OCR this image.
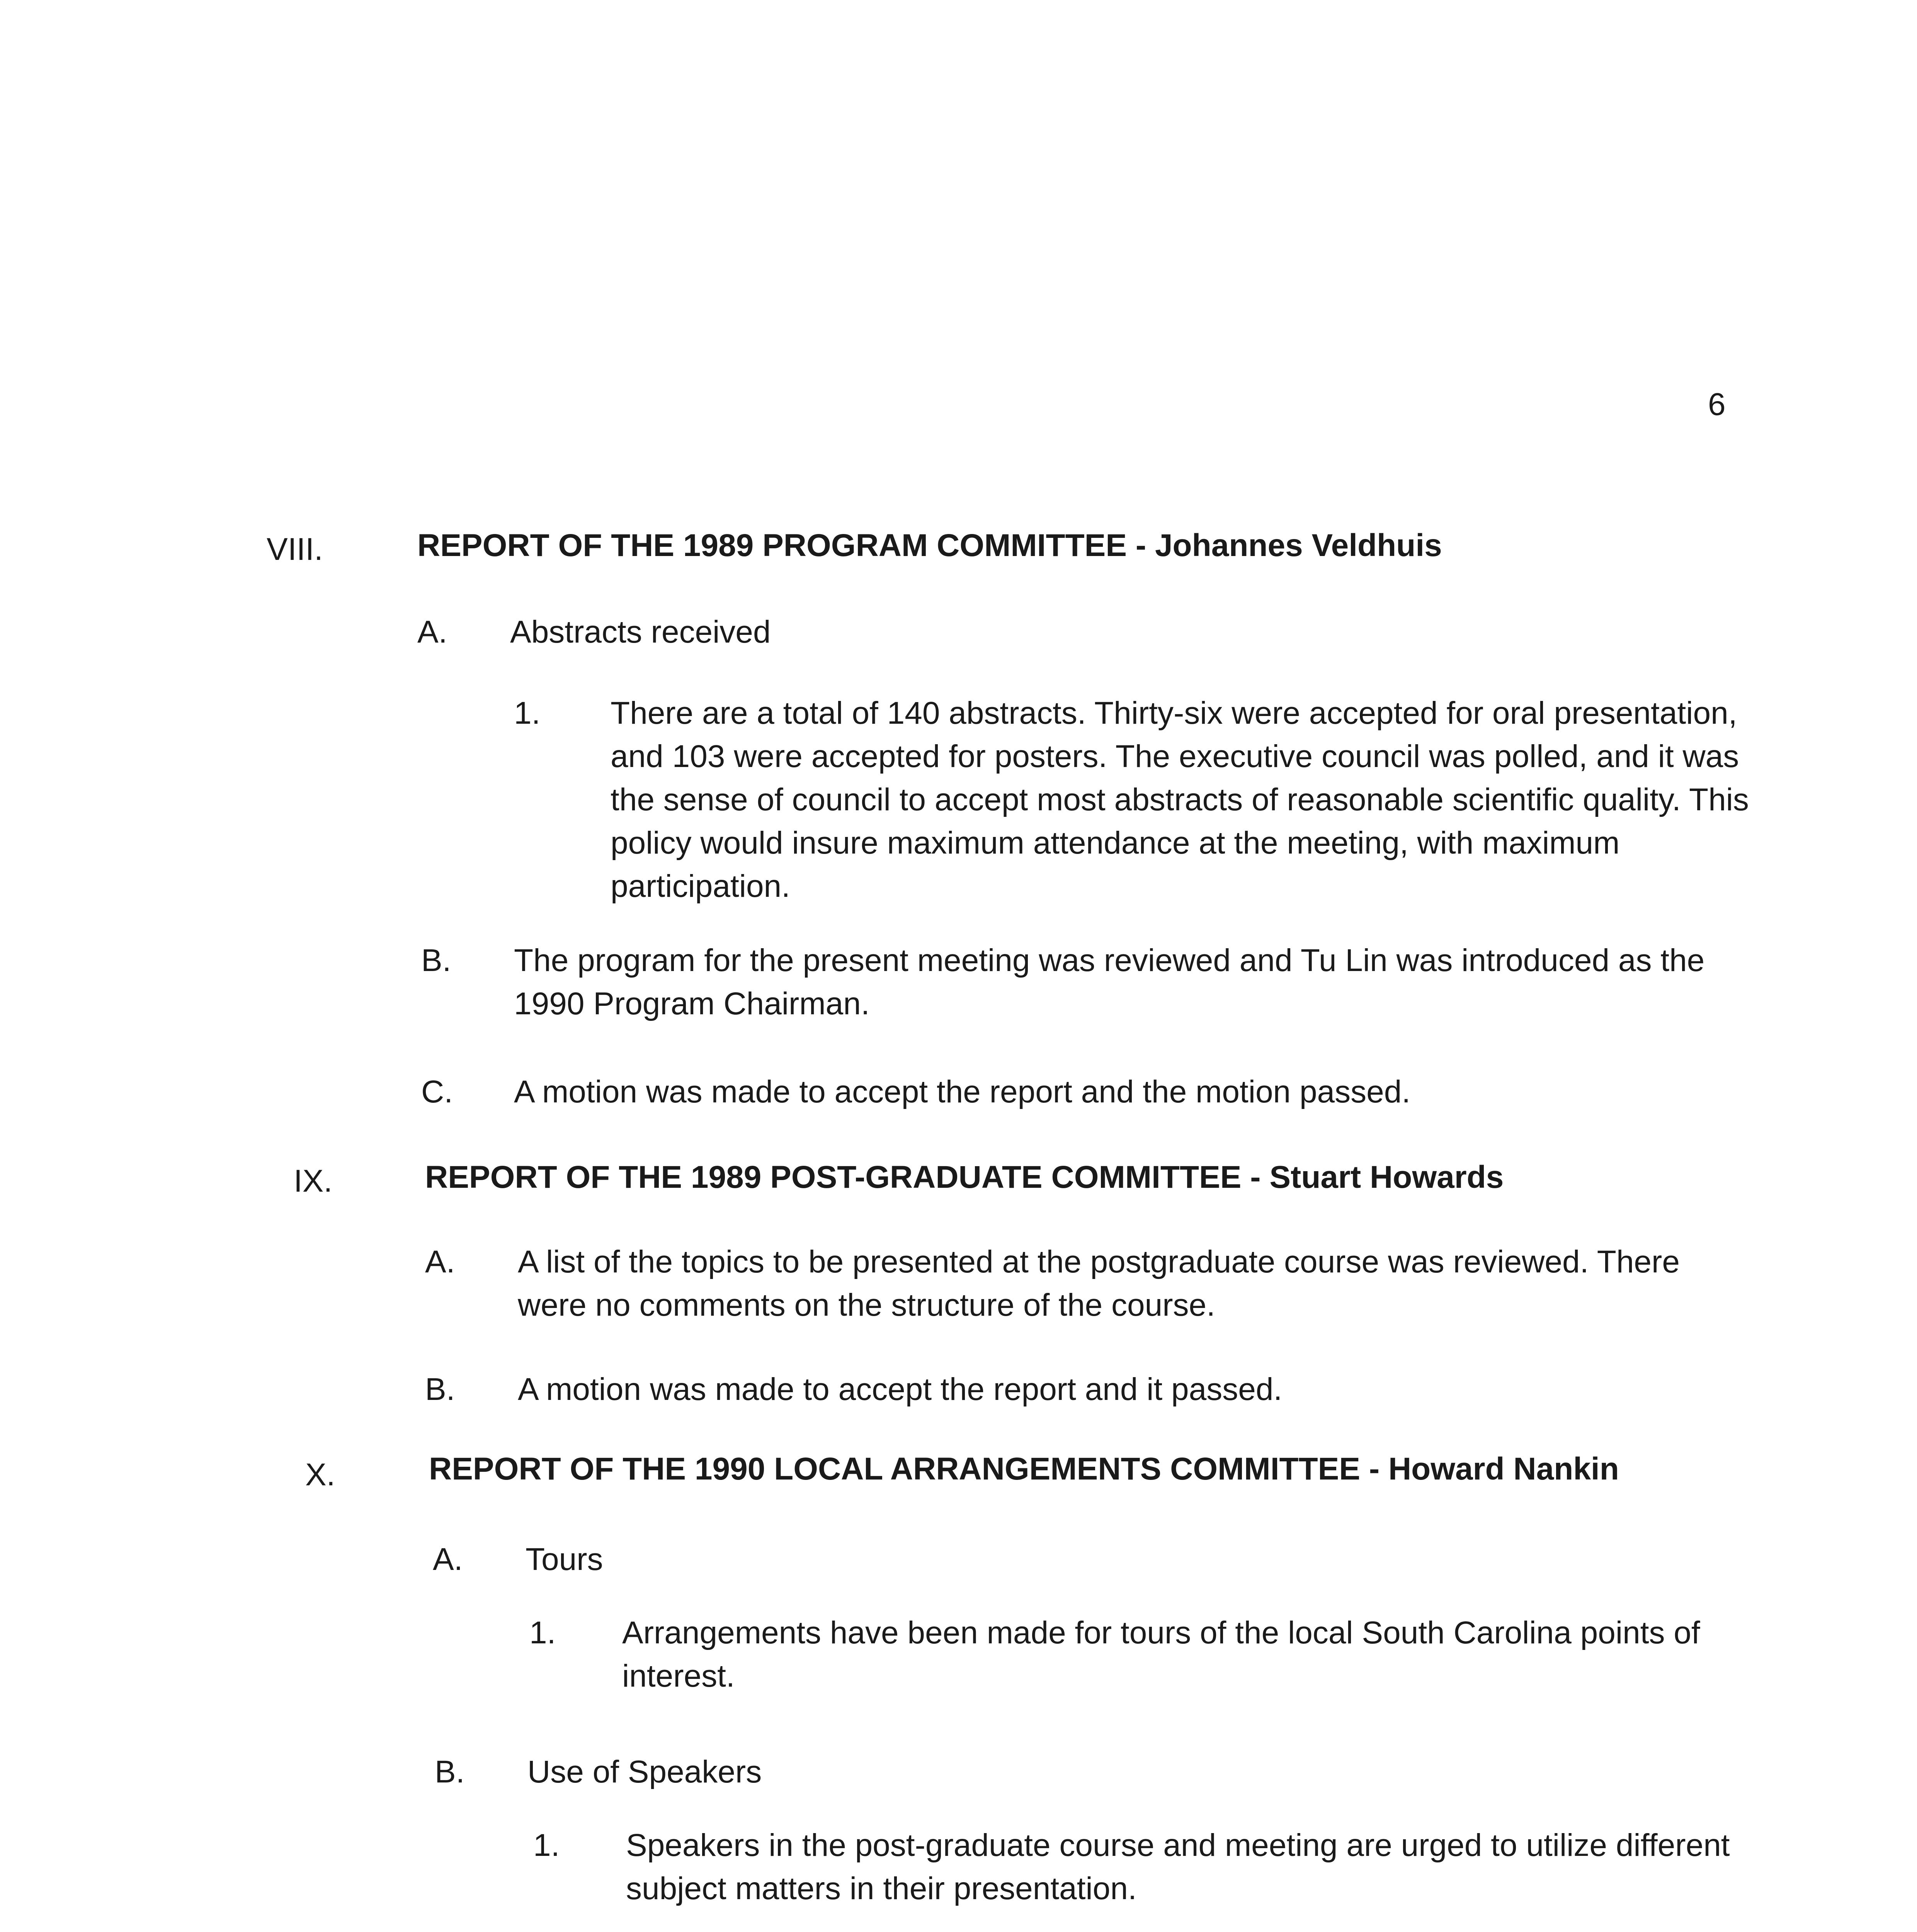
6
VIII.	REPORT OF THE 1989 PROGRAM COMMITTEE - Johannes Veldhuis
A. Abstracts received
1. There are a total of 140 abstracts. Thirty-six were accepted for oral presentation, and 103 were accepted for posters. The executive council was polled, and it was the sense of council to accept most abstracts of reasonable scientific quality. This policy would insure maximum attendance at the meeting, with maximum participation.
B. The program for the present meeting was reviewed and Tu Lin was introduced as the 1990 Program Chairman.
C. A motion was made to accept the report and the motion passed.
IX.	REPORT OF THE 1989 POST-GRADUATE COMMITTEE - Stuart Howards
A. A list of the topics to be presented at the postgraduate course was reviewed. There were no comments on the structure of the course.
B. A motion was made to accept the report and it passed.
X.	REPORT OF THE 1990 LOCAL ARRANGEMENTS COMMITTEE - Howard Nankin
A. Tours
1. Arrangements have been made for tours of the local South Carolina points of interest.
B. Use of Speakers
1. Speakers in the post-graduate course and meeting are urged to utilize different subject matters in their presentation.
